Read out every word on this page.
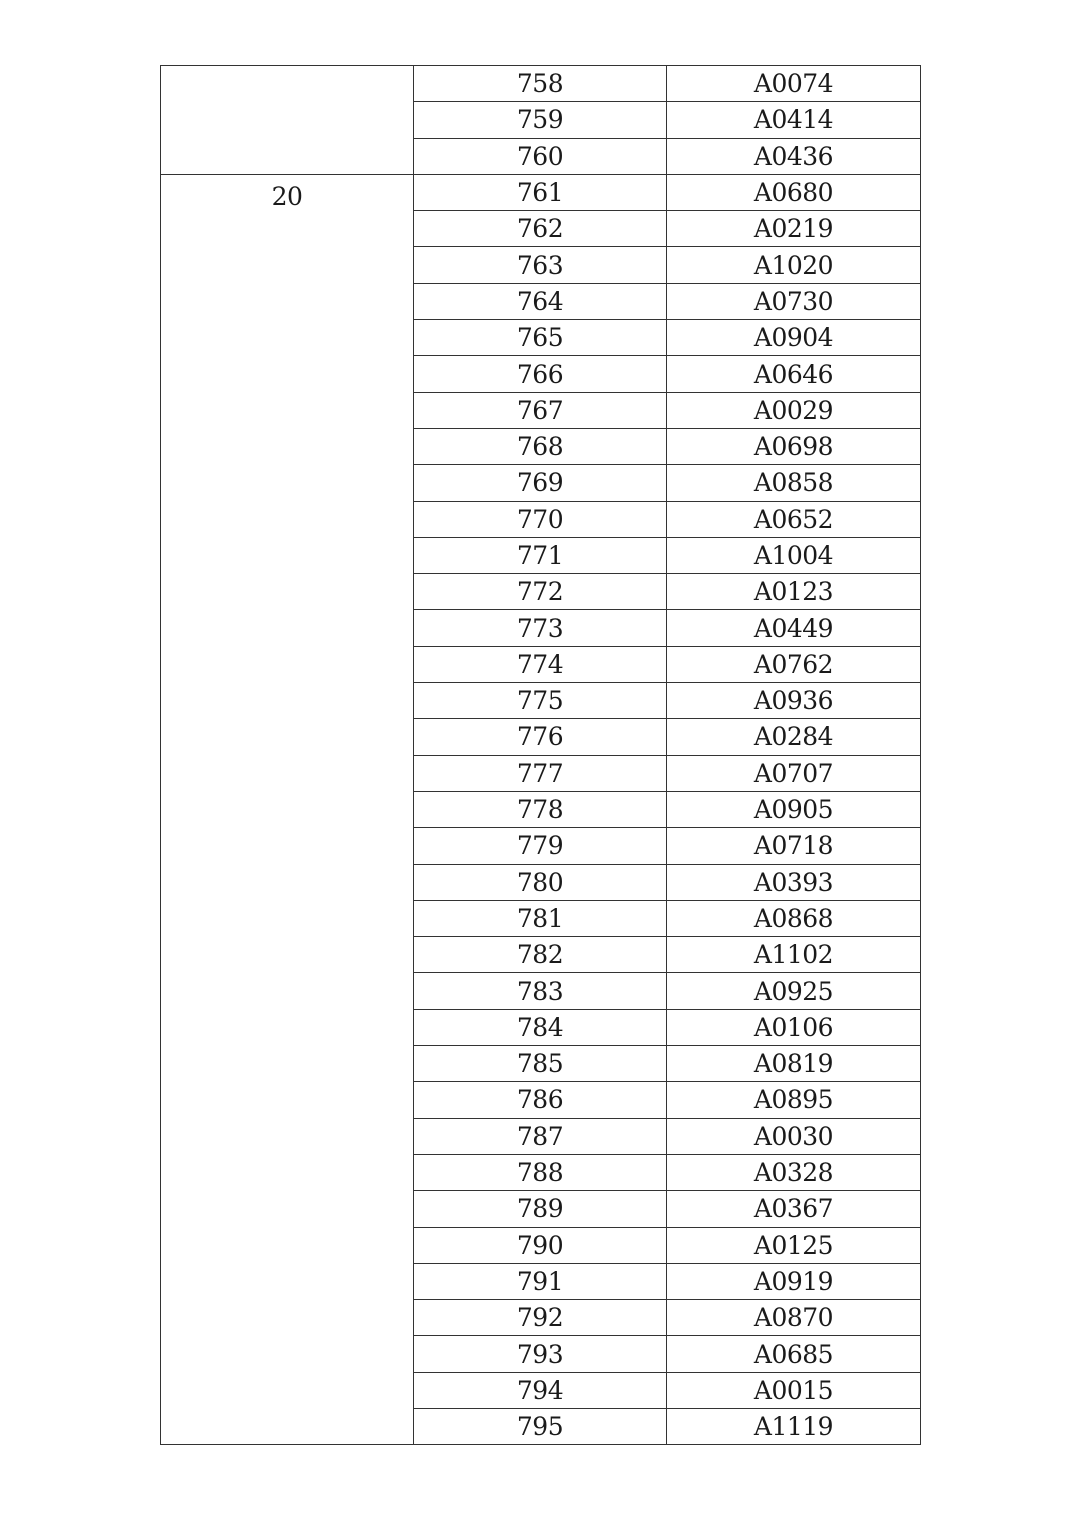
	758	A0074
	759	A0414
	760	A0436
20	761	A0680
	762	A0219
	763	A1020
	764	A0730
	765	A0904
	766	A0646
	767	A0029
	768	A0698
	769	A0858
	770	A0652
	771	A1004
	772	A0123
	773	A0449
	774	A0762
	775	A0936
	776	A0284
	777	A0707
	778	A0905
	779	A0718
	780	A0393
	781	A0868
	782	A1102
	783	A0925
	784	A0106
	785	A0819
	786	A0895
	787	A0030
	788	A0328
	789	A0367
	790	A0125
	791	A0919
	792	A0870
	793	A0685
	794	A0015
	795	A1119
